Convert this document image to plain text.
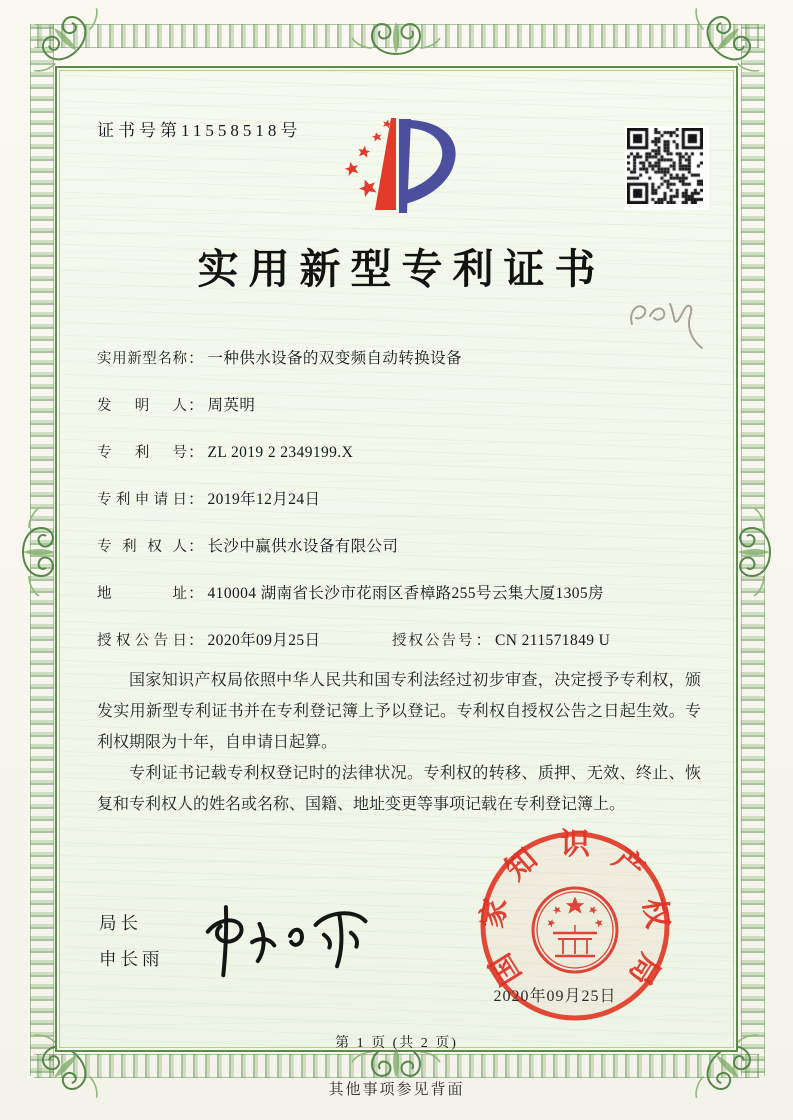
证书号第11558518号
实用新型专利证书
实用新型名称： 一种供水设备的双变频自动转换设备
发明人： 周英明
专利号： ZL 2019 2 2349199.X
专利申请日： 2019年12月24日
专利权人： 长沙中赢供水设备有限公司
地址： 410004 湖南省长沙市花雨区香樟路255号云集大厦1305房
授权公告日： 2020年09月25日	授权公告号： CN 211571849 U

国家知识产权局依照中华人民共和国专利法经过初步审查，决定授予专利权，颁发实用新型专利证书并在专利登记簿上予以登记。专利权自授权公告之日起生效。专利权期限为十年，自申请日起算。

专利证书记载专利权登记时的法律状况。专利权的转移、质押、无效、终止、恢复和专利权人的姓名或名称、国籍、地址变更等事项记载在专利登记簿上。

局长
申长雨	国
家
知 识 产
权
局
2020年09月25日
第 1 页 (共 2 页)
其他事项参见背面
